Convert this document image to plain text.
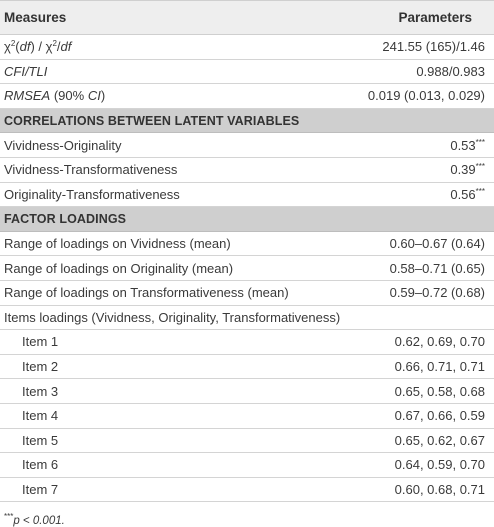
Measures	Parameters
$\chi^2(df) / \chi^2/df$	241.55 (165)/1.46
CFI/TLI	0.988/0.983
RMSEA (90% CI)	0.019 (0.013, 0.029)
CORRELATIONS BETWEEN LATENT VARIABLES
Vividness-Originality	0.53***
Vividness-Transformativeness	0.39***
Originality-Transformativeness	0.56***
FACTOR LOADINGS
Range of loadings on Vividness (mean)	0.60–0.67 (0.64)
Range of loadings on Originality (mean)	0.58–0.71 (0.65)
Range of loadings on Transformativeness (mean)	0.59–0.72 (0.68)
Items loadings (Vividness, Originality, Transformativeness)
Item 1	0.62, 0.69, 0.70
Item 2	0.66, 0.71, 0.71
Item 3	0.65, 0.58, 0.68
Item 4	0.67, 0.66, 0.59
Item 5	0.65, 0.62, 0.67
Item 6	0.64, 0.59, 0.70
Item 7	0.60, 0.68, 0.71
***p < 0.001.
